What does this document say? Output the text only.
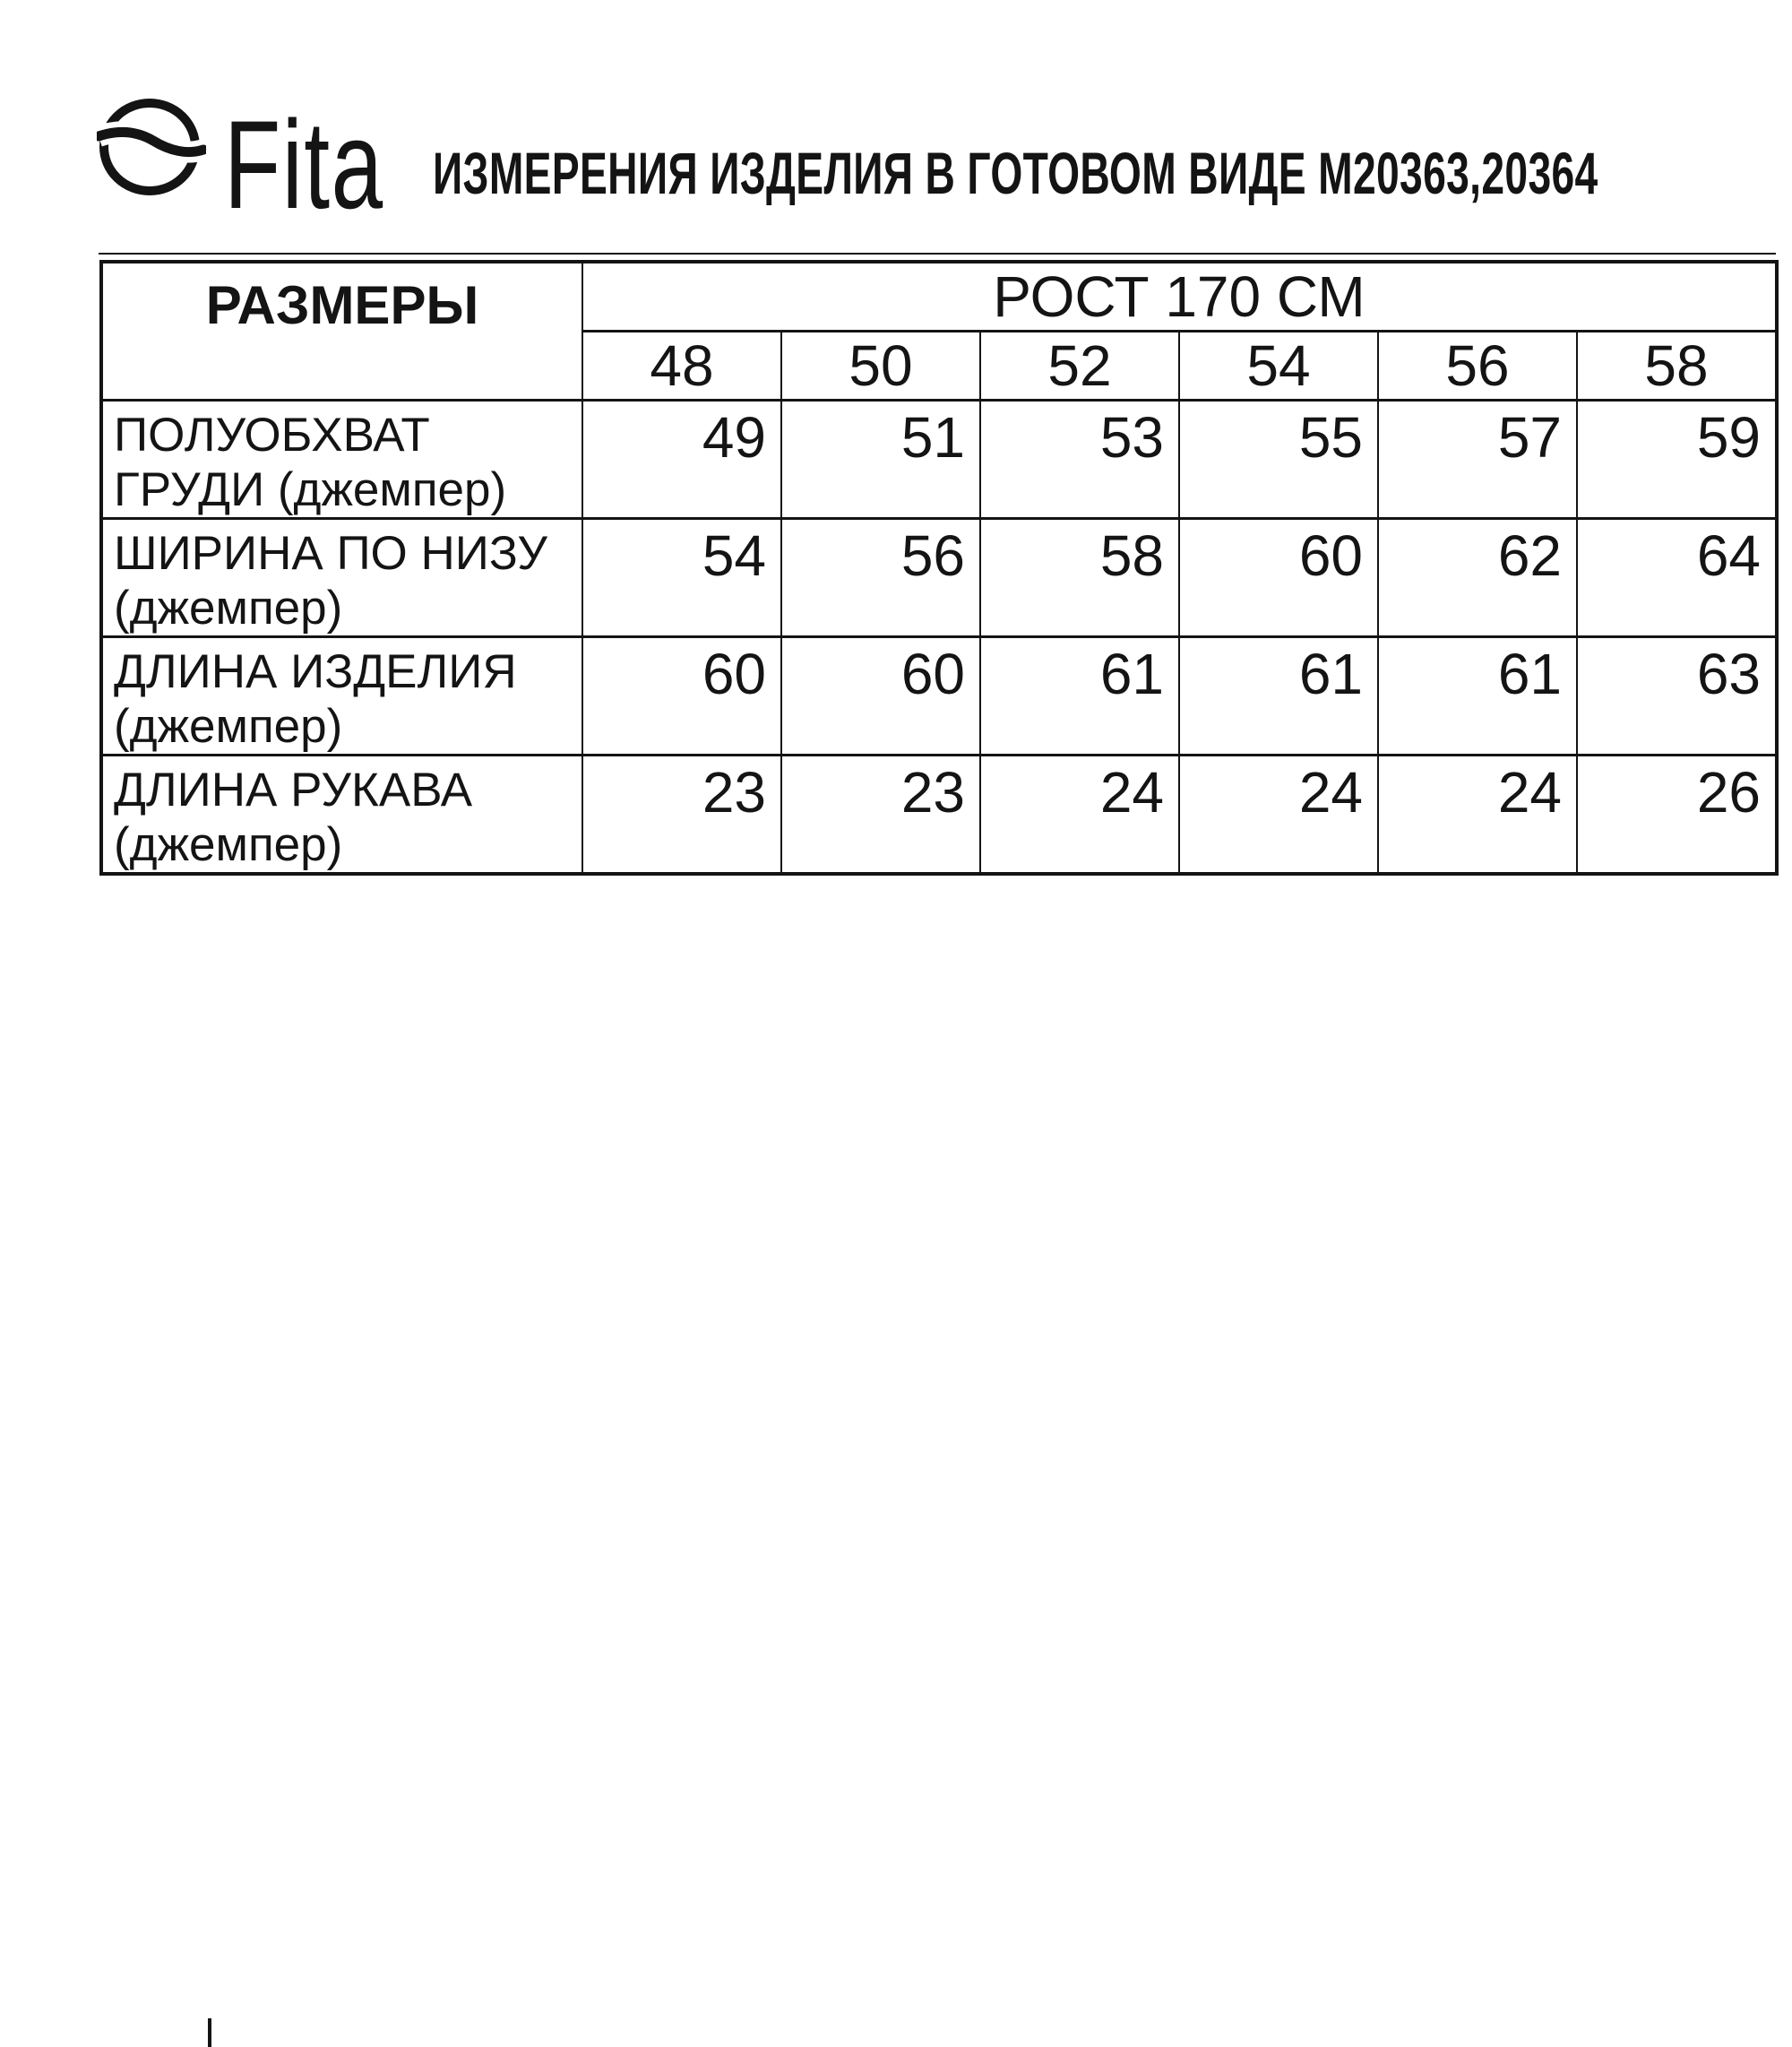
Fita ИЗМЕРЕНИЯ ИЗДЕЛИЯ В ГОТОВОМ ВИДЕ М20363,20364
РАЗМЕРЫ	РОСТ 170 СМ					
	48	50	52	54	56	58

ПОЛУОБХВАТ
ГРУДИ (джемпер)	49	51	53	55	57	59

ШИРИНА ПО НИЗУ
(джемпер)	54	56	58	60	62	64

ДЛИНА ИЗДЕЛИЯ
(джемпер)	60	60	61	61	61	63

ДЛИНА РУКАВА
(джемпер)	23	23	24	24	24	26
